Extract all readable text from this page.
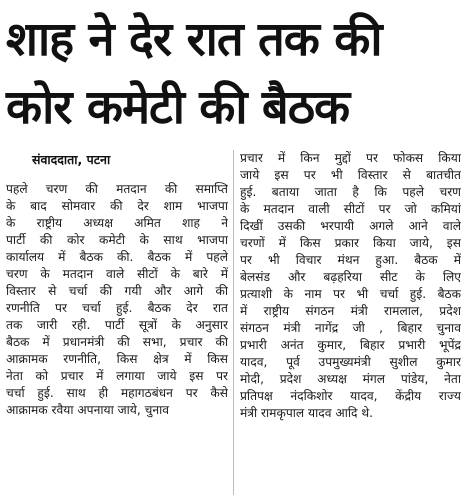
शाह ने देर रात तक की
कोर कमेटी की बैठक
संवाददाता, पटना
पहले चरण की मतदान की समाप्ति
के बाद सोमवार की देर शाम भाजपा
के राष्ट्रीय अध्यक्ष अमित शाह ने
पार्टी की कोर कमेटी के साथ भाजपा
कार्यालय में बैठक की. बैठक में पहले
चरण के मतदान वाले सीटों के बारे में
विस्तार से चर्चा की गयी और आगे की
रणनीति पर चर्चा हुई. बैठक देर रात
तक जारी रही. पार्टी सूत्रों के अनुसार
बैठक में प्रधानमंत्री की सभा, प्रचार की
आक्रामक रणनीति, किस क्षेत्र में किस
नेता को प्रचार में लगाया जाये इस पर
चर्चा हुई. साथ ही महागठबंधन पर कैसे
आक्रामक रवैया अपनाया जाये, चुनाव
प्रचार में किन मुद्दों पर फोकस किया
जाये इस पर भी विस्तार से बातचीत
हुई. बताया जाता है कि पहले चरण
के मतदान वाली सीटों पर जो कमियां
दिखीं उसकी भरपायी अगले आने वाले
चरणों में किस प्रकार किया जाये, इस
पर भी विचार मंथन हुआ. बैठक में
बेलसंड और बढ़हरिया सीट के लिए
प्रत्याशी के नाम पर भी चर्चा हुई. बैठक
में राष्ट्रीय संगठन मंत्री रामलाल, प्रदेश
संगठन मंत्री नागेंद्र जी , बिहार चुनाव
प्रभारी अनंत कुमार, बिहार प्रभारी भूपेंद्र
यादव, पूर्व उपमुख्यमंत्री सुशील कुमार
मोदी, प्रदेश अध्यक्ष मंगल पांडेय, नेता
प्रतिपक्ष नंदकिशोर यादव, केंद्रीय राज्य
मंत्री रामकृपाल यादव आदि थे.
